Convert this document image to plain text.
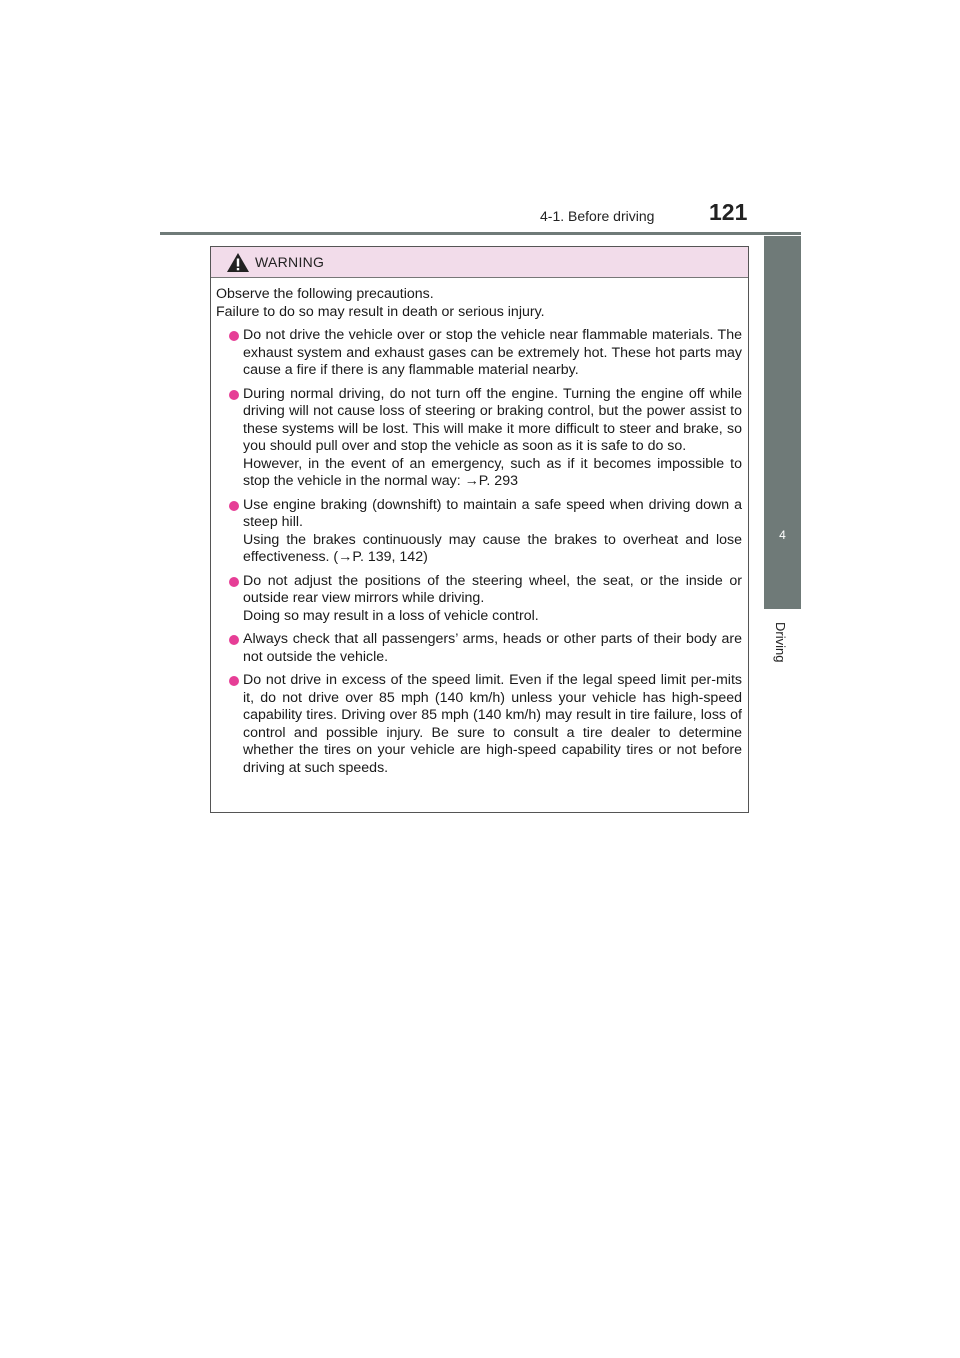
4-1. Before driving 121
4
Driving
WARNING

Observe the following precautions.

Failure to do so may result in death or serious injury.

Do not drive the vehicle over or stop the vehicle near flammable materials. The exhaust system and exhaust gases can be extremely hot. These hot parts may cause a fire if there is any flammable material nearby.

During normal driving, do not turn off the engine. Turning the engine off while driving will not cause loss of steering or braking control, but the power assist to these systems will be lost. This will make it more difficult to steer and brake, so you should pull over and stop the vehicle as soon as it is safe to do so.

However, in the event of an emergency, such as if it becomes impossible to stop the vehicle in the normal way: →P. 293

Use engine braking (downshift) to maintain a safe speed when driving down a steep hill.

Using the brakes continuously may cause the brakes to overheat and lose effectiveness. (→P. 139, 142)

Do not adjust the positions of the steering wheel, the seat, or the inside or outside rear view mirrors while driving.

Doing so may result in a loss of vehicle control.

Always check that all passengers’ arms, heads or other parts of their body are not outside the vehicle.

Do not drive in excess of the speed limit. Even if the legal speed limit per-mits it, do not drive over 85 mph (140 km/h) unless your vehicle has high-speed capability tires. Driving over 85 mph (140 km/h) may result in tire failure, loss of control and possible injury. Be sure to consult a tire dealer to determine whether the tires on your vehicle are high-speed capability tires or not before driving at such speeds.
